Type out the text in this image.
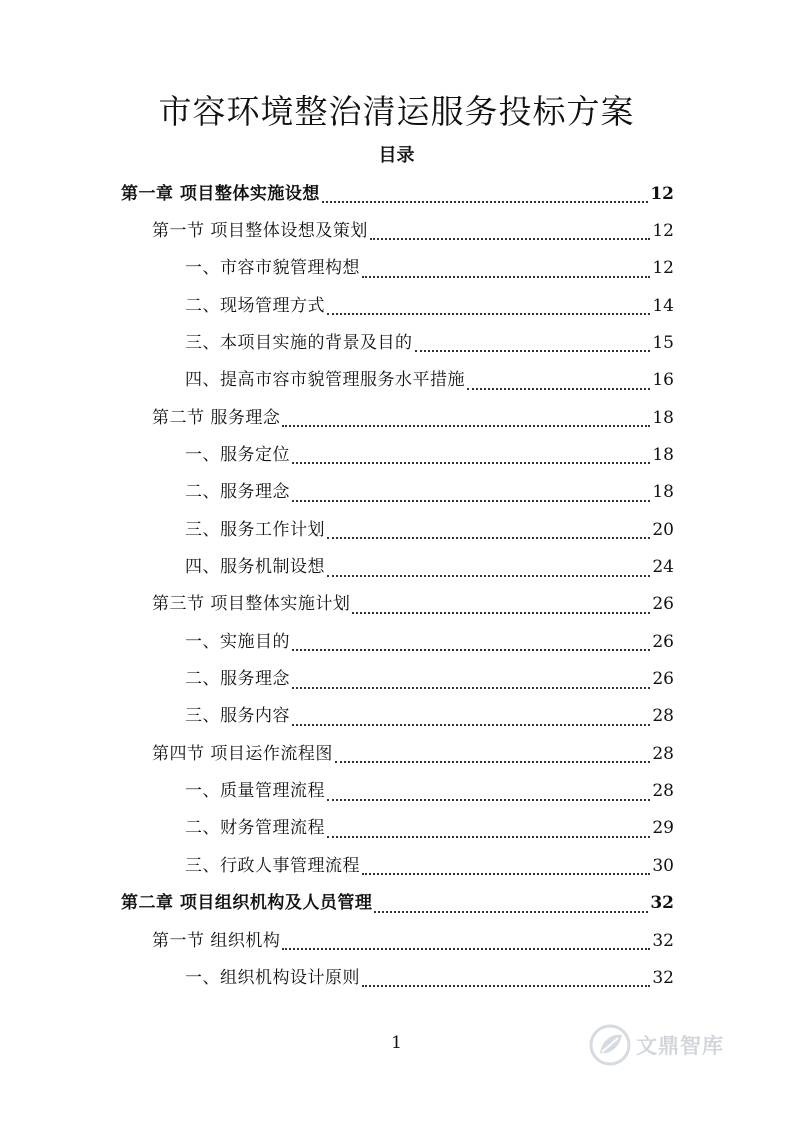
市容环境整治清运服务投标方案
目录
第一章 项目整体实施设想	12
第一节 项目整体设想及策划	12
一、市容市貌管理构想	12
二、现场管理方式	14
三、本项目实施的背景及目的	15
四、提高市容市貌管理服务水平措施	16
第二节 服务理念	18
一、服务定位	18
二、服务理念	18
三、服务工作计划	20
四、服务机制设想	24
第三节 项目整体实施计划	26
一、实施目的	26
二、服务理念	26
三、服务内容	28
第四节 项目运作流程图	28
一、质量管理流程	28
二、财务管理流程	29
三、行政人事管理流程	30
第二章 项目组织机构及人员管理	32
第一节 组织机构	32
一、组织机构设计原则	32
1	文鼎智库
